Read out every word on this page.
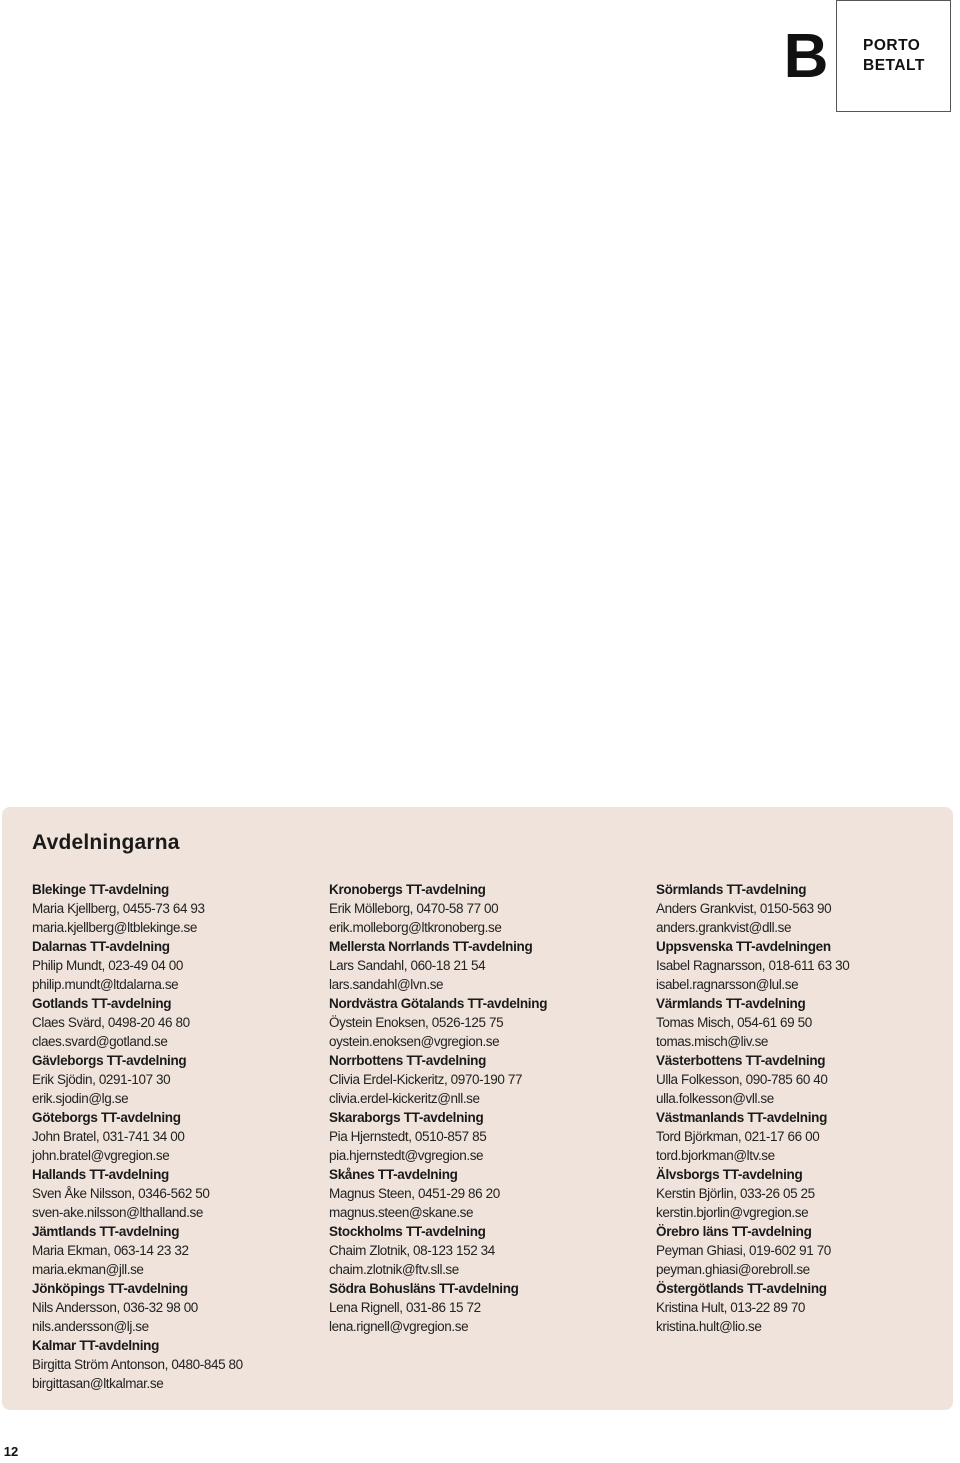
B	PORTO
BETALT
Avdelningarna
Blekinge TT-avdelning
Maria Kjellberg, 0455-73 64 93
maria.kjellberg@ltblekinge.se
Dalarnas TT-avdelning
Philip Mundt, 023-49 04 00
philip.mundt@ltdalarna.se
Gotlands TT-avdelning
Claes Svärd, 0498-20 46 80
claes.svard@gotland.se
Gävleborgs TT-avdelning
Erik Sjödin, 0291-107 30
erik.sjodin@lg.se
Göteborgs TT-avdelning
John Bratel, 031-741 34 00
john.bratel@vgregion.se
Hallands TT-avdelning
Sven Åke Nilsson, 0346-562 50
sven-ake.nilsson@lthalland.se
Jämtlands TT-avdelning
Maria Ekman, 063-14 23 32
maria.ekman@jll.se
Jönköpings TT-avdelning
Nils Andersson, 036-32 98 00
nils.andersson@lj.se
Kalmar TT-avdelning
Birgitta Ström Antonson, 0480-845 80
birgittasan@ltkalmar.se
Kronobergs TT-avdelning
Erik Mölleborg, 0470-58 77 00
erik.molleborg@ltkronoberg.se
Mellersta Norrlands TT-avdelning
Lars Sandahl, 060-18 21 54
lars.sandahl@lvn.se
Nordvästra Götalands TT-avdelning
Öystein Enoksen, 0526-125 75
oystein.enoksen@vgregion.se
Norrbottens TT-avdelning
Clivia Erdel-Kickeritz, 0970-190 77
clivia.erdel-kickeritz@nll.se
Skaraborgs TT-avdelning
Pia Hjernstedt, 0510-857 85
pia.hjernstedt@vgregion.se
Skånes TT-avdelning
Magnus Steen, 0451-29 86 20
magnus.steen@skane.se
Stockholms TT-avdelning
Chaim Zlotnik, 08-123 152 34
chaim.zlotnik@ftv.sll.se
Södra Bohusläns TT-avdelning
Lena Rignell, 031-86 15 72
lena.rignell@vgregion.se
Sörmlands TT-avdelning
Anders Grankvist, 0150-563 90
anders.grankvist@dll.se
Uppsvenska TT-avdelningen
Isabel Ragnarsson, 018-611 63 30
isabel.ragnarsson@lul.se
Värmlands TT-avdelning
Tomas Misch, 054-61 69 50
tomas.misch@liv.se
Västerbottens TT-avdelning
Ulla Folkesson, 090-785 60 40
ulla.folkesson@vll.se
Västmanlands TT-avdelning
Tord Björkman, 021-17 66 00
tord.bjorkman@ltv.se
Älvsborgs TT-avdelning
Kerstin Björlin, 033-26 05 25
kerstin.bjorlin@vgregion.se
Örebro läns TT-avdelning
Peyman Ghiasi, 019-602 91 70
peyman.ghiasi@orebroll.se
Östergötlands TT-avdelning
Kristina Hult, 013-22 89 70
kristina.hult@lio.se
12
